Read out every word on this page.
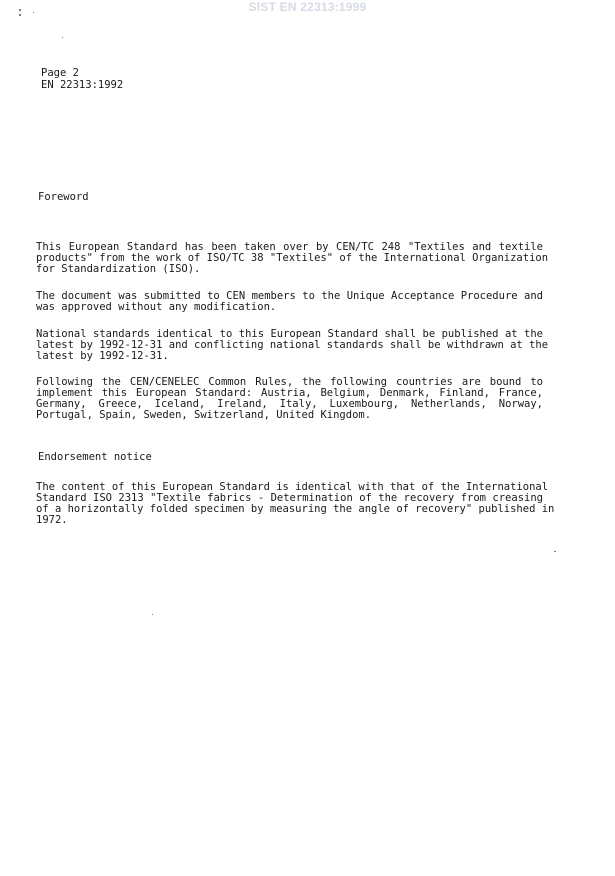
SIST EN 22313:1999
Page 2
EN 22313:1992
Foreword
This European Standard has been taken over by CEN/TC 248 "Textiles and textile
products" from the work of ISO/TC 38 "Textiles" of the International Organization
for Standardization (ISO).
The document was submitted to CEN members to the Unique Acceptance Procedure and
was approved without any modification.
National standards identical to this European Standard shall be published at the
latest by 1992-12-31 and conflicting national standards shall be withdrawn at the
latest by 1992-12-31.
Following the CEN/CENELEC Common Rules, the following countries are bound to
implement this European Standard: Austria, Belgium, Denmark, Finland, France,
Germany, Greece, Iceland, Ireland, Italy, Luxembourg, Netherlands, Norway,
Portugal, Spain, Sweden, Switzerland, United Kingdom.
Endorsement notice
The content of this European Standard is identical with that of the International
Standard ISO 2313 "Textile fabrics - Determination of the recovery from creasing
of a horizontally folded specimen by measuring the angle of recovery" published in
1972.
